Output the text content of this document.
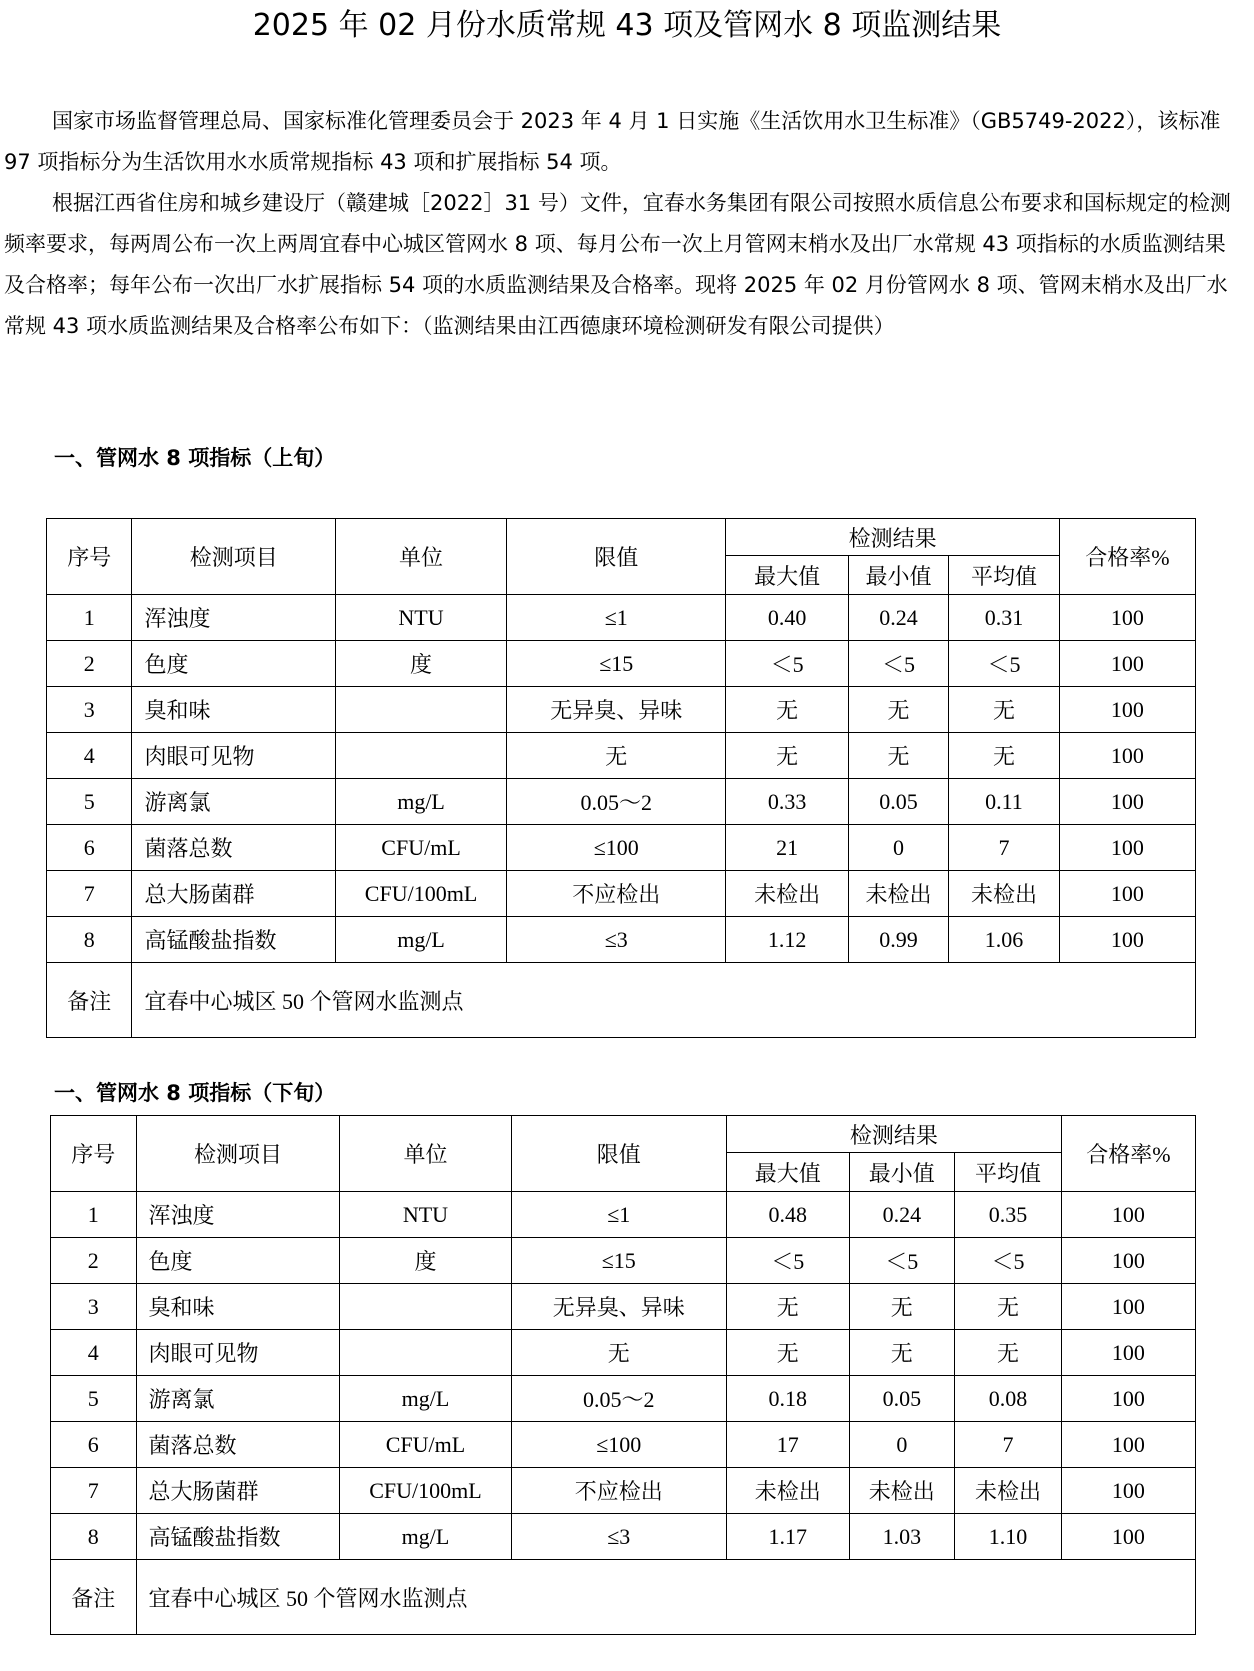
2025 年 02 月份水质常规 43 项及管网水 8 项监测结果

国家市场监督管理总局、国家标准化管理委员会于 2023 年 4 月 1 日实施《生活饮用水卫生标准》（GB5749-2022），该标准 97 项指标分为生活饮用水水质常规指标 43 项和扩展指标 54 项。

根据江西省住房和城乡建设厅（赣建城［2022］31 号）文件，宜春水务集团有限公司按照水质信息公布要求和国标规定的检测频率要求，每两周公布一次上两周宜春中心城区管网水 8 项、每月公布一次上月管网末梢水及出厂水常规 43 项指标的水质监测结果及合格率；每年公布一次出厂水扩展指标 54 项的水质监测结果及合格率。现将 2025 年 02 月份管网水 8 项、管网末梢水及出厂水常规 43 项水质监测结果及合格率公布如下：（监测结果由江西德康环境检测研发有限公司提供）

一、管网水 8 项指标（上旬）
序号	检测项目	单位	限值	检测结果			合格率%
				最大值	最小值	平均值	
1	浑浊度	NTU	≤1	0.40	0.24	0.31	100
2	色度	度	≤15	＜5	＜5	＜5	100
3	臭和味		无异臭、异味	无	无	无	100
4	肉眼可见物		无	无	无	无	100
5	游离氯	mg/L	0.05～2	0.33	0.05	0.11	100
6	菌落总数	CFU/mL	≤100	21	0	7	100
7	总大肠菌群	CFU/100mL	不应检出	未检出	未检出	未检出	100
8	高锰酸盐指数	mg/L	≤3	1.12	0.99	1.06	100
备注	宜春中心城区 50 个管网水监测点						
一、管网水 8 项指标（下旬）
序号	检测项目	单位	限值	检测结果			合格率%
				最大值	最小值	平均值	
1	浑浊度	NTU	≤1	0.48	0.24	0.35	100
2	色度	度	≤15	＜5	＜5	＜5	100
3	臭和味		无异臭、异味	无	无	无	100
4	肉眼可见物		无	无	无	无	100
5	游离氯	mg/L	0.05～2	0.18	0.05	0.08	100
6	菌落总数	CFU/mL	≤100	17	0	7	100
7	总大肠菌群	CFU/100mL	不应检出	未检出	未检出	未检出	100
8	高锰酸盐指数	mg/L	≤3	1.17	1.03	1.10	100
备注	宜春中心城区 50 个管网水监测点						
